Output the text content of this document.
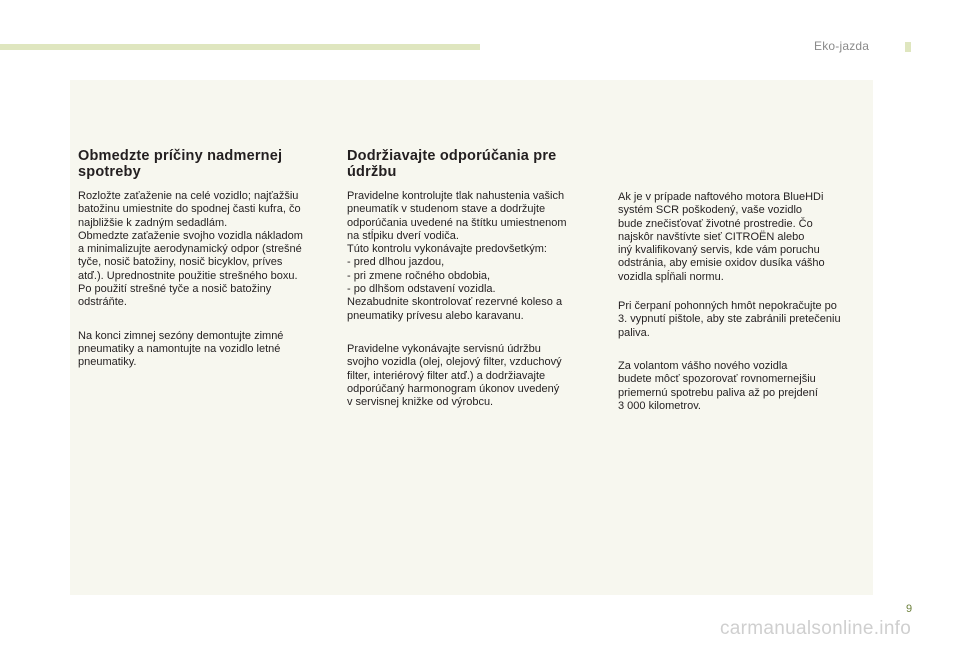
Eko-jazda
Obmedzte príčiny nadmernej
spotreby

Rozložte zaťaženie na celé vozidlo; najťažšiu
batožinu umiestnite do spodnej časti kufra, čo
najbližšie k zadným sedadlám.
Obmedzte zaťaženie svojho vozidla nákladom
a minimalizujte aerodynamický odpor (strešné
tyče, nosič batožiny, nosič bicyklov, príves
atď.). Uprednostnite použitie strešného boxu.
Po použití strešné tyče a nosič batožiny
odstráňte.

Na konci zimnej sezóny demontujte zimné
pneumatiky a namontujte na vozidlo letné
pneumatiky.

Dodržiavajte odporúčania pre
údržbu

Pravidelne kontrolujte tlak nahustenia vašich
pneumatík v studenom stave a dodržujte
odporúčania uvedené na štítku umiestnenom
na stĺpiku dverí vodiča.
Túto kontrolu vykonávajte predovšetkým:
- pred dlhou jazdou,
- pri zmene ročného obdobia,
- po dlhšom odstavení vozidla.
Nezabudnite skontrolovať rezervné koleso a
pneumatiky prívesu alebo karavanu.

Pravidelne vykonávajte servisnú údržbu
svojho vozidla (olej, olejový filter, vzduchový
filter, interiérový filter atď.) a dodržiavajte
odporúčaný harmonogram úkonov uvedený
v servisnej knižke od výrobcu.

Ak je v prípade naftového motora BlueHDi
systém SCR poškodený, vaše vozidlo
bude znečisťovať životné prostredie. Čo
najskôr navštívte sieť CITROËN alebo
iný kvalifikovaný servis, kde vám poruchu
odstránia, aby emisie oxidov dusíka vášho
vozidla spĺňali normu.

Pri čerpaní pohonných hmôt nepokračujte po
3. vypnutí pištole, aby ste zabránili pretečeniu
paliva.

Za volantom vášho nového vozidla
budete môcť spozorovať rovnomernejšiu
priemernú spotrebu paliva až po prejdení
3 000 kilometrov.

9
carmanualsonline.info
